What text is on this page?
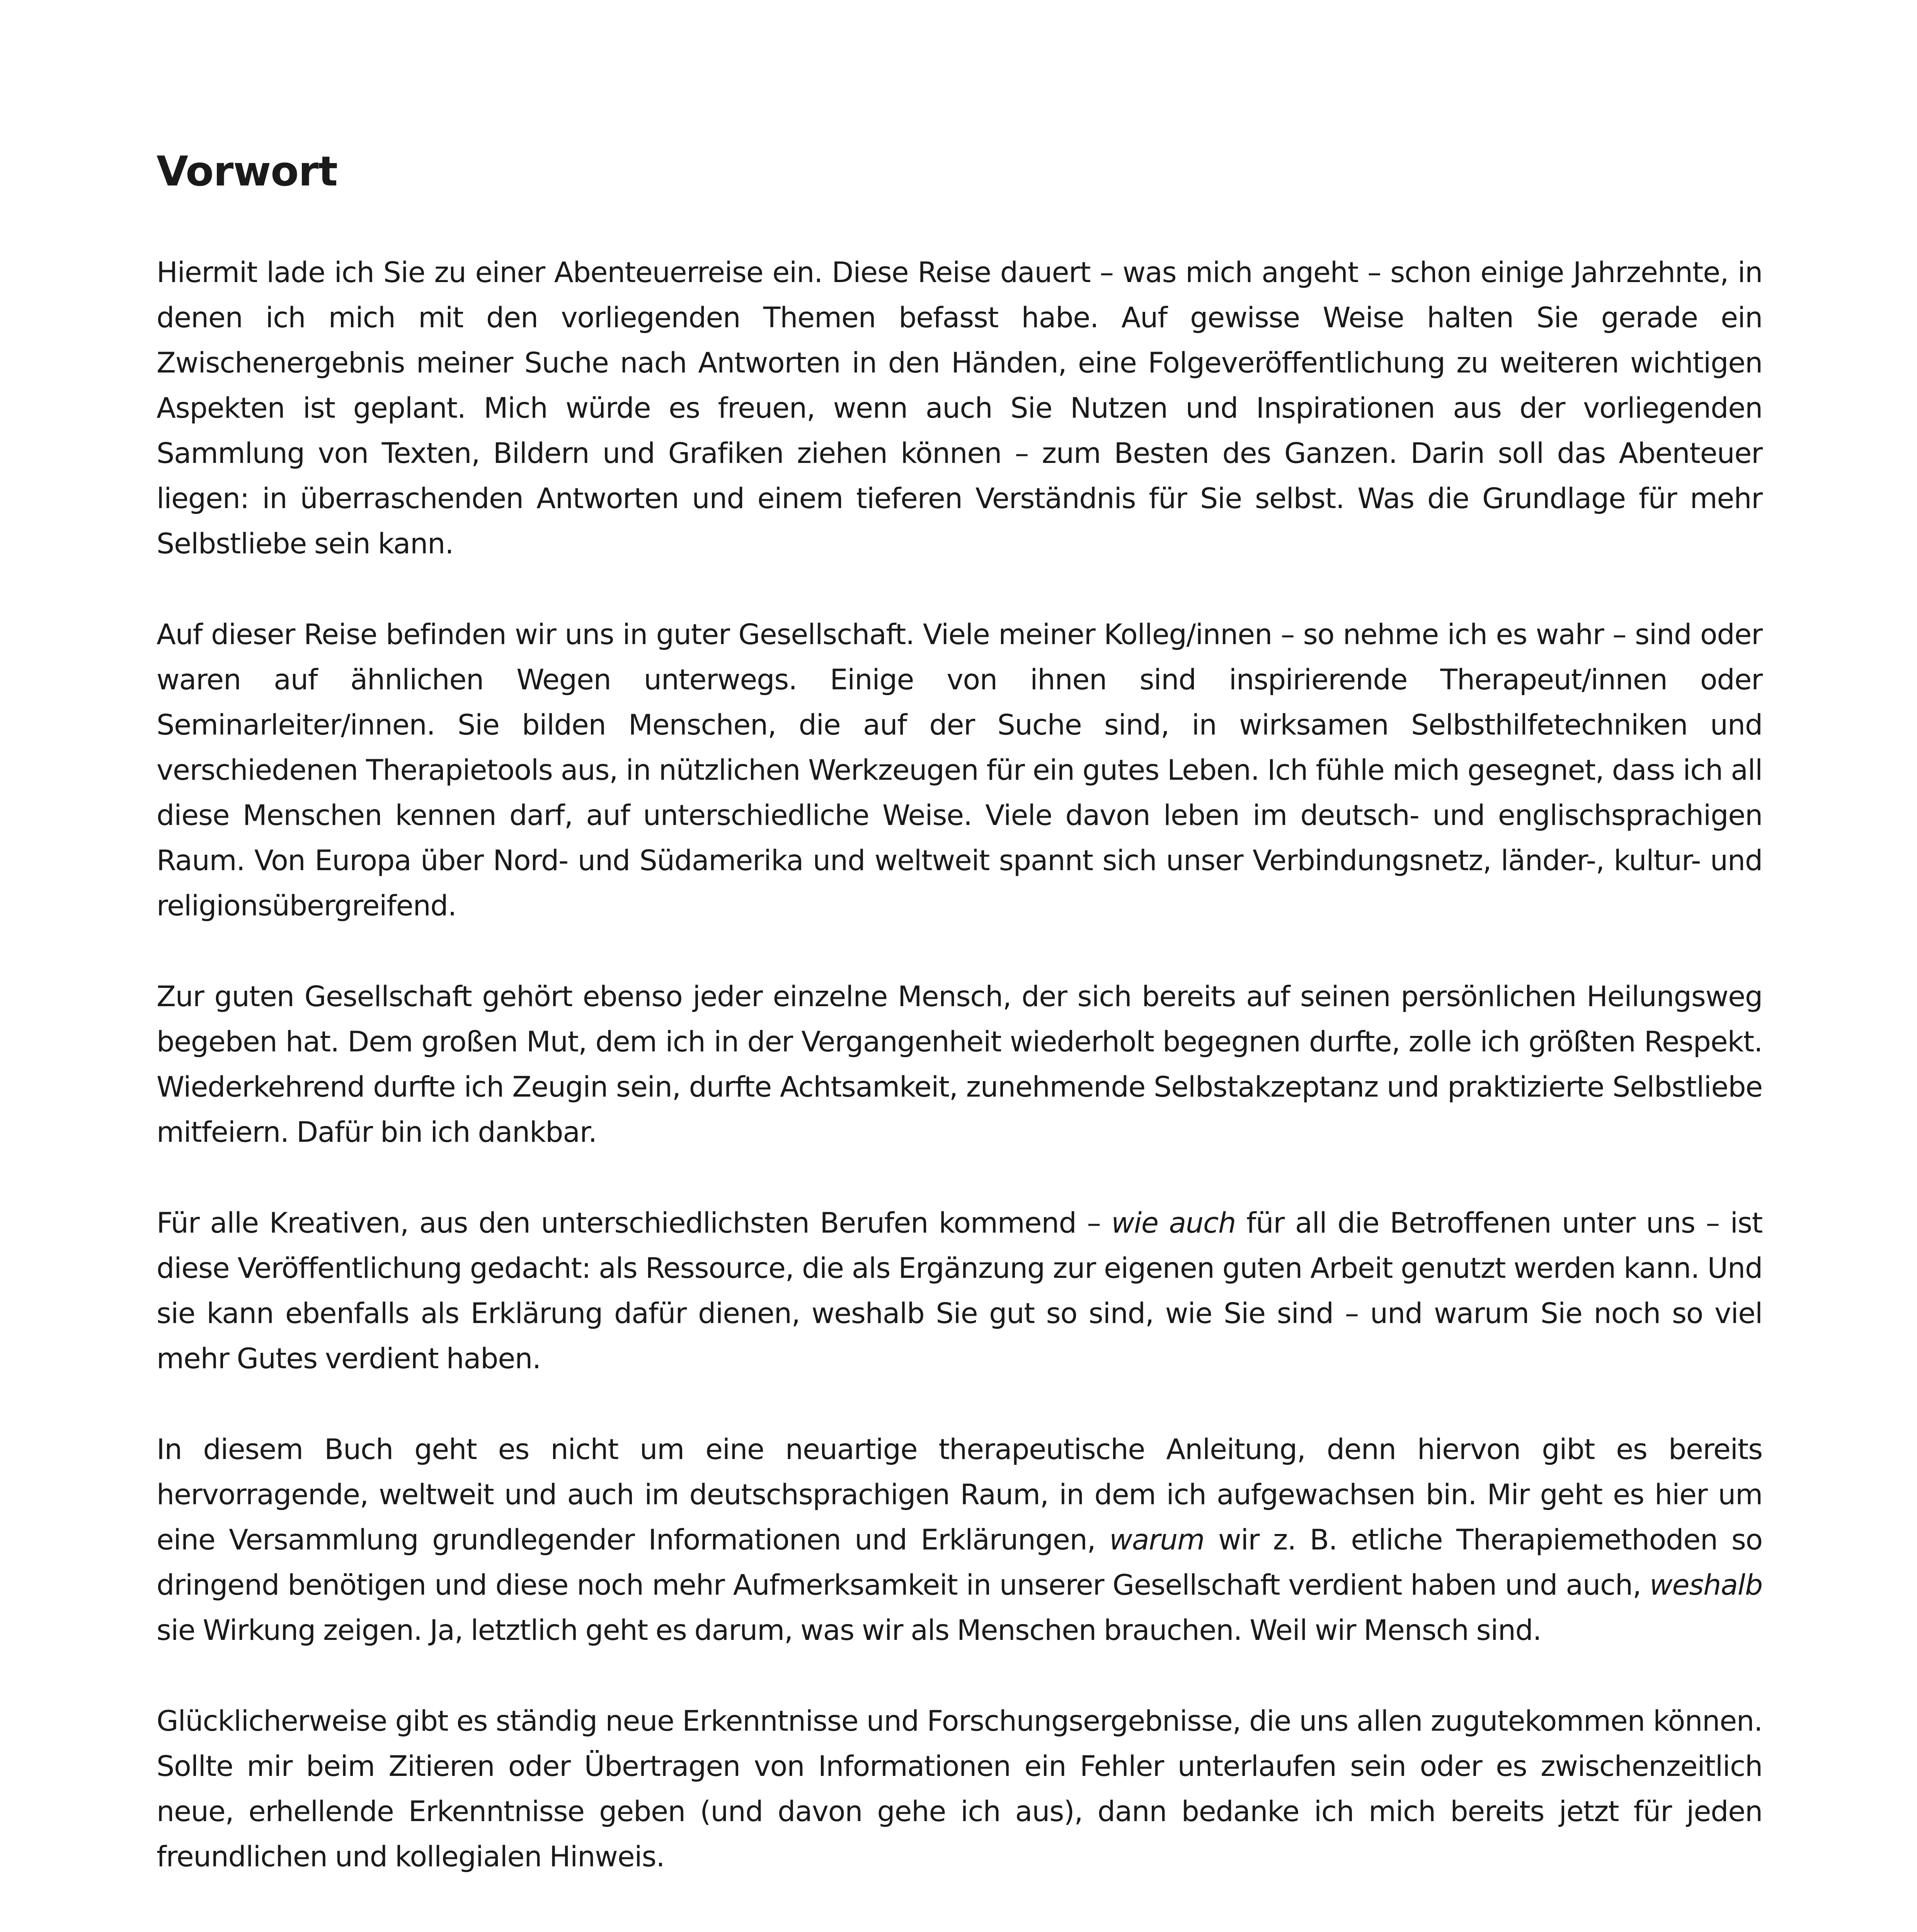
Vorwort

Hiermit lade ich Sie zu einer Abenteuerreise ein. Diese Reise dauert – was mich angeht – schon einige Jahrzehnte, in denen ich mich mit den vorliegenden Themen befasst habe. Auf gewisse Weise halten Sie gerade ein Zwischenergebnis meiner Suche nach Antworten in den Händen, eine Folgeveröffentlichung zu weiteren wichtigen Aspekten ist geplant. Mich würde es freuen, wenn auch Sie Nutzen und Inspirationen aus der vorliegenden Sammlung von Texten, Bildern und Grafiken ziehen können – zum Besten des Ganzen. Darin soll das Abenteuer liegen: in überraschenden Antworten und einem tieferen Verständnis für Sie selbst. Was die Grundlage für mehr Selbstliebe sein kann.

Auf dieser Reise befinden wir uns in guter Gesellschaft. Viele meiner Kolleg/innen – so nehme ich es wahr – sind oder waren auf ähnlichen Wegen unterwegs. Einige von ihnen sind inspirierende Therapeut/innen oder Seminarleiter/innen. Sie bilden Menschen, die auf der Suche sind, in wirksamen Selbsthilfetechniken und verschiedenen Therapietools aus, in nützlichen Werkzeugen für ein gutes Leben. Ich fühle mich gesegnet, dass ich all diese Menschen kennen darf, auf unterschiedliche Weise. Viele davon leben im deutsch- und englischsprachigen Raum. Von Europa über Nord- und Südamerika und weltweit spannt sich unser Verbindungsnetz, länder-, kultur- und religionsübergreifend.

Zur guten Gesellschaft gehört ebenso jeder einzelne Mensch, der sich bereits auf seinen persönlichen Heilungsweg begeben hat. Dem großen Mut, dem ich in der Vergangenheit wiederholt begegnen durfte, zolle ich größten Respekt. Wiederkehrend durfte ich Zeugin sein, durfte Achtsamkeit, zunehmende Selbstakzeptanz und praktizierte Selbstliebe mitfeiern. Dafür bin ich dankbar.

Für alle Kreativen, aus den unterschiedlichsten Berufen kommend – wie auch für all die Betroffenen unter uns – ist diese Veröffentlichung gedacht: als Ressource, die als Ergänzung zur eigenen guten Arbeit genutzt werden kann. Und sie kann ebenfalls als Erklärung dafür dienen, weshalb Sie gut so sind, wie Sie sind – und warum Sie noch so viel mehr Gutes verdient haben.

In diesem Buch geht es nicht um eine neuartige therapeutische Anleitung, denn hiervon gibt es bereits hervorragende, weltweit und auch im deutschsprachigen Raum, in dem ich aufgewachsen bin. Mir geht es hier um eine Versammlung grundlegender Informationen und Erklärungen, warum wir z. B. etliche Therapiemethoden so dringend benötigen und diese noch mehr Aufmerksamkeit in unserer Gesellschaft verdient haben und auch, weshalb sie Wirkung zeigen. Ja, letztlich geht es darum, was wir als Menschen brauchen. Weil wir Mensch sind.

Glücklicherweise gibt es ständig neue Erkenntnisse und Forschungsergebnisse, die uns allen zugutekommen können. Sollte mir beim Zitieren oder Übertragen von Informationen ein Fehler unterlaufen sein oder es zwischenzeitlich neue, erhellende Erkenntnisse geben (und davon gehe ich aus), dann bedanke ich mich bereits jetzt für jeden freundlichen und kollegialen Hinweis.
